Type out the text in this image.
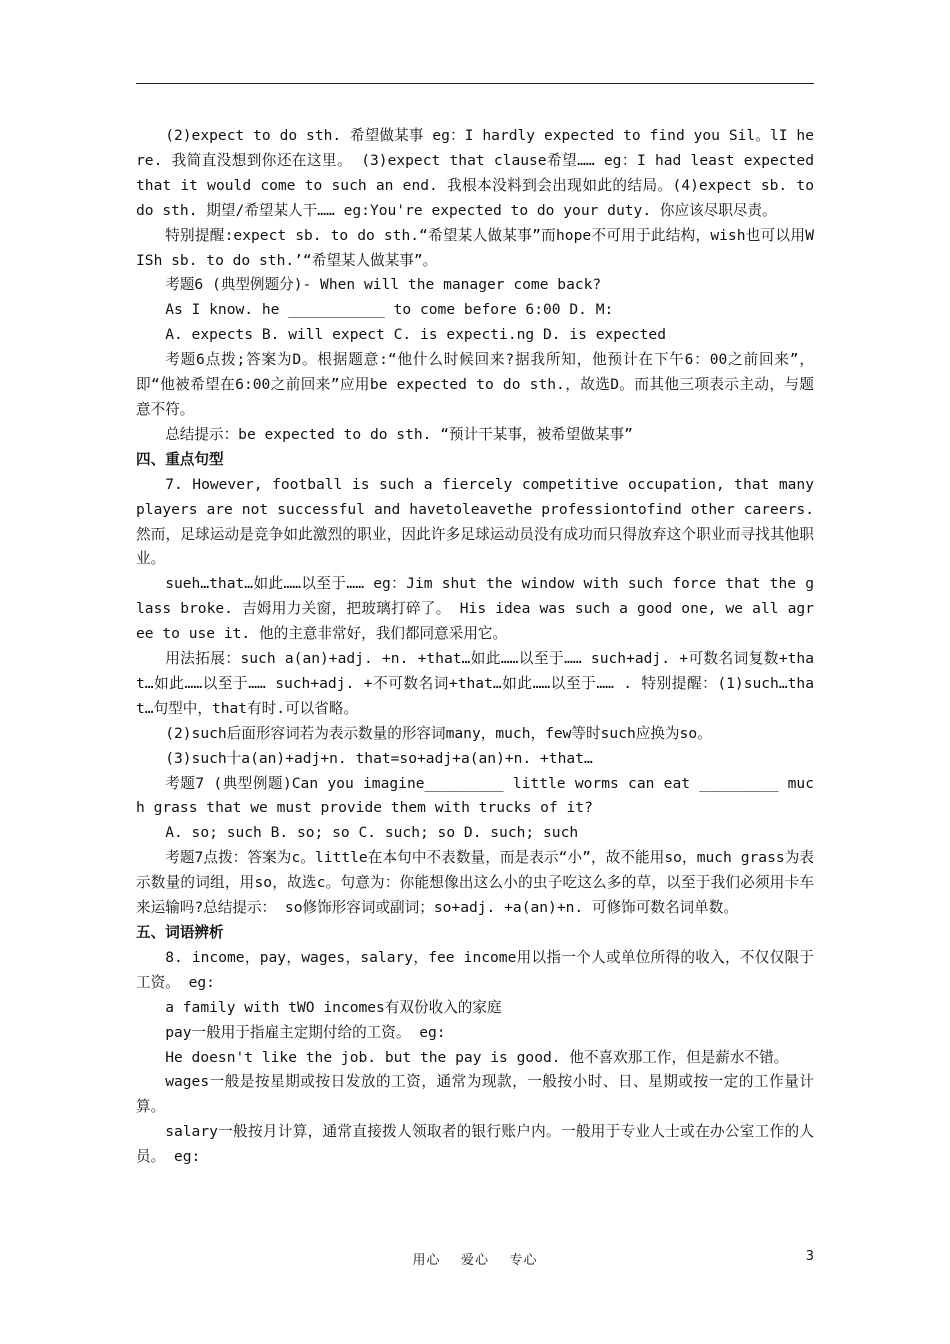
(2)expect to do sth. 希望做某事 eg：I hardly expected to find you Sil。lI here. 我简直没想到你还在这里。 (3)expect that clause希望…… eg：I had least expected that it would come to such an end. 我根本没料到会出现如此的结局。(4)expect sb. to do sth. 期望/希望某人干…… eg:You're expected to do your duty. 你应该尽职尽责。

特别提醒:expect sb. to do sth.“希望某人做某事”而hope不可用于此结构，wish也可以用WISh sb. to do sth.’“希望某人做某事”。

考题6 (典型例题分)- When will the manager come back?

As I know. he ___________ to come before 6:00 D. M:

A. expects B. will expect C. is expecti.ng D. is expected

考题6点拨;答案为D。根据题意:“他什么时候回来?据我所知，他预计在下午6：00之前回来”，即“他被希望在6:00之前回来”应用be expected to do sth.，故选D。而其他三项表示主动，与题意不符。

总结提示：be expected to do sth. “预计干某事，被希望做某事”

四、重点句型

7. However, football is such a fiercely competitive occupation, that many players are not successful and havetoleavethe professiontofind other careers. 然而，足球运动是竞争如此激烈的职业，因此许多足球运动员没有成功而只得放弃这个职业而寻找其他职业。

sueh…that…如此……以至于…… eg：Jim shut the window with such force that the glass broke. 吉姆用力关窗，把玻璃打碎了。 His idea was such a good one, we all agree to use it. 他的主意非常好，我们都同意采用它。

用法拓展：such a(an)+adj. +n. +that…如此……以至于…… such+adj. +可数名词复数+that…如此……以至于…… such+adj. +不可数名词+that…如此……以至于…… . 特别提醒：(1)such…that…句型中，that有时.可以省略。

(2)such后面形容词若为表示数量的形容词many，much，few等时such应换为so。

(3)such十a(an)+adj+n. that=so+adj+a(an)+n. +that…

考题7 (典型例题)Can you imagine_________ little worms can eat _________ much grass that we must provide them with trucks of it?

A. so; such B. so; so C. such; so D. such; such

考题7点拨：答案为c。little在本句中不表数量，而是表示“小”，故不能用so，much grass为表示数量的词组，用so，故选c。句意为：你能想像出这么小的虫子吃这么多的草，以至于我们必须用卡车来运输吗?总结提示： so修饰形容词或副词；so+adj. +a(an)+n. 可修饰可数名词单数。

五、词语辨析

8. income，pay，wages，salary，fee income用以指一个人或单位所得的收入，不仅仅限于工资。 eg:

a family with tWO incomes有双份收入的家庭

pay一般用于指雇主定期付给的工资。 eg:

He doesn't like the job. but the pay is good. 他不喜欢那工作，但是薪水不错。

wages一般是按星期或按日发放的工资，通常为现款，一般按小时、日、星期或按一定的工作量计算。

salary一般按月计算，通常直接拨人领取者的银行账户内。一般用于专业人士或在办公室工作的人员。 eg:

用心    爱心    专心	3
